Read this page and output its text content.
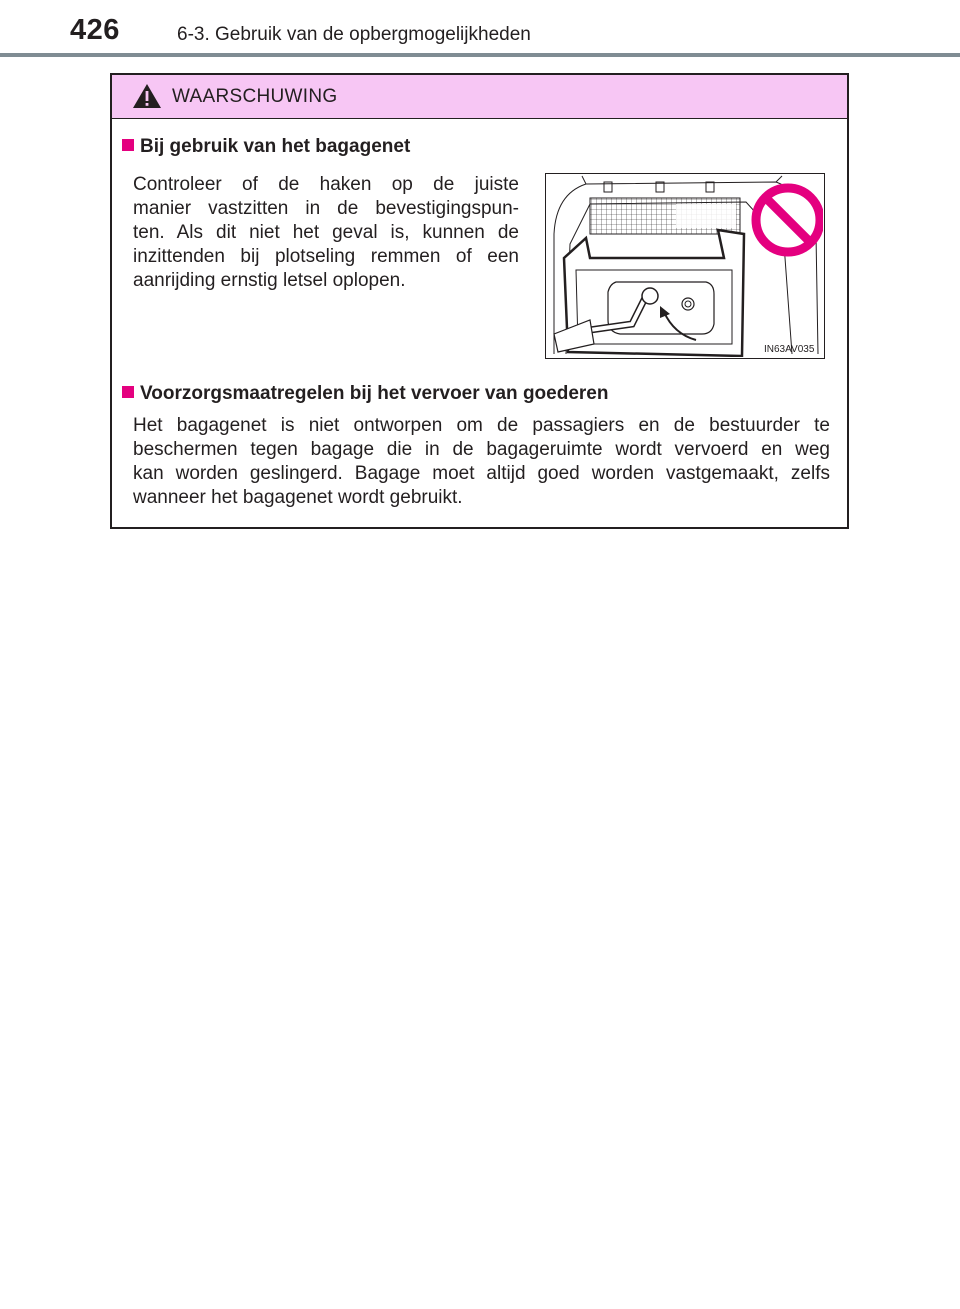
426	6-3. Gebruik van de opbergmogelijkheden
WAARSCHUWING
Bij gebruik van het bagagenet
Controleer of de haken op de juiste
manier vastzitten in de bevestigingspun-
ten. Als dit niet het geval is, kunnen de
inzittenden bij plotseling remmen of een
aanrijding ernstig letsel oplopen.
IN63AV035
Voorzorgsmaatregelen bij het vervoer van goederen
Het bagagenet is niet ontworpen om de passagiers en de bestuurder te
beschermen tegen bagage die in de bagageruimte wordt vervoerd en weg
kan worden geslingerd. Bagage moet altijd goed worden vastgemaakt, zelfs
wanneer het bagagenet wordt gebruikt.
